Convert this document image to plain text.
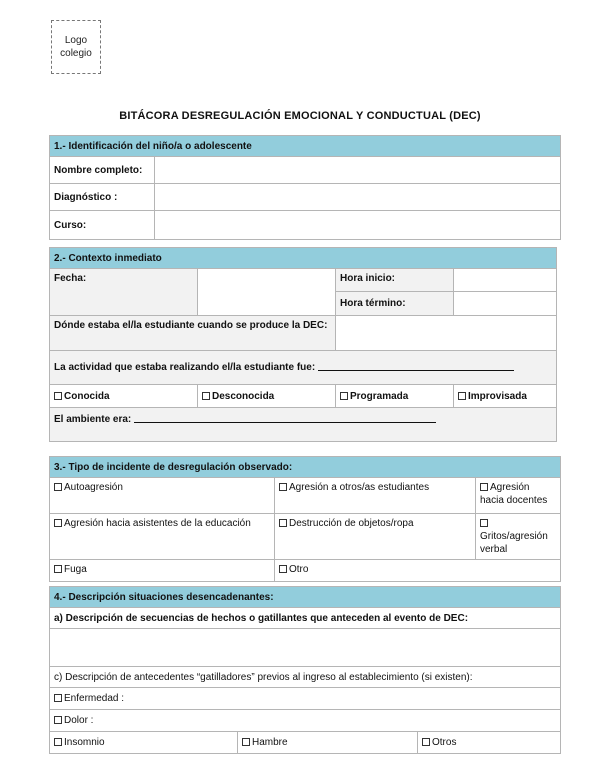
Logo
colegio
BITÁCORA DESREGULACIÓN EMOCIONAL Y CONDUCTUAL (DEC)
1.- Identificación del niño/a o adolescente	
Nombre completo:	
Diagnóstico :	
Curso:	
2.- Contexto inmediato			
Fecha:		Hora inicio:	
		Hora término:	
Dónde estaba el/la estudiante cuando se produce la DEC:			
La actividad que estaba realizando el/la estudiante fue:			
Conocida	Desconocida	Programada	Improvisada
El ambiente era:			
3.- Tipo de incidente de desregulación observado:		
Autoagresión	Agresión a otros/as estudiantes	Agresión hacia docentes
Agresión hacia asistentes de la educación	Destrucción de objetos/ropa	Gritos/agresión verbal
Fuga	Otro	
4.- Descripción situaciones desencadenantes:
a) Descripción de secuencias de hechos o gatillantes que anteceden al evento de DEC:

c) Descripción de antecedentes “gatilladores” previos al ingreso al establecimiento (si existen):
Enfermedad :
Dolor :
Insomnio	Hambre	Otros
